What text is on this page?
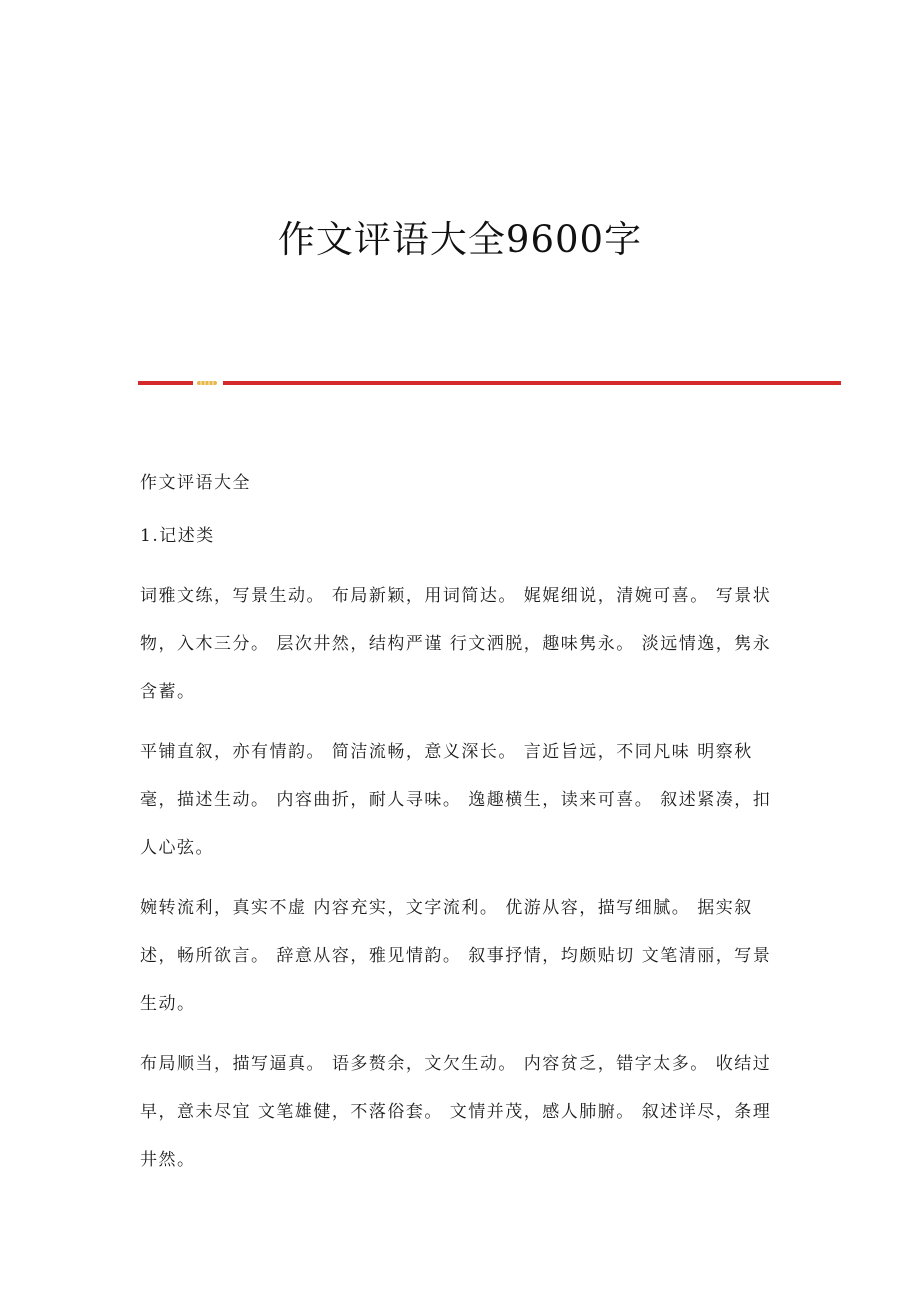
作文评语大全9600字

作文评语大全

1.记述类

词雅文练，写景生动。 布局新颖，用词简达。 娓娓细说，清婉可喜。 写景状物，入木三分。 层次井然，结构严谨 行文洒脱，趣味隽永。 淡远情逸，隽永含蓄。

平铺直叙，亦有情韵。 简洁流畅，意义深长。 言近旨远，不同凡味 明察秋毫，描述生动。 内容曲折，耐人寻味。 逸趣横生，读来可喜。 叙述紧凑，扣人心弦。

婉转流利，真实不虚 内容充实，文字流利。 优游从容，描写细腻。 据实叙述，畅所欲言。 辞意从容，雅见情韵。 叙事抒情，均颇贴切 文笔清丽，写景生动。

布局顺当，描写逼真。 语多赘余，文欠生动。 内容贫乏，错字太多。 收结过早，意未尽宜 文笔雄健，不落俗套。 文情并茂，感人肺腑。 叙述详尽，条理井然。
